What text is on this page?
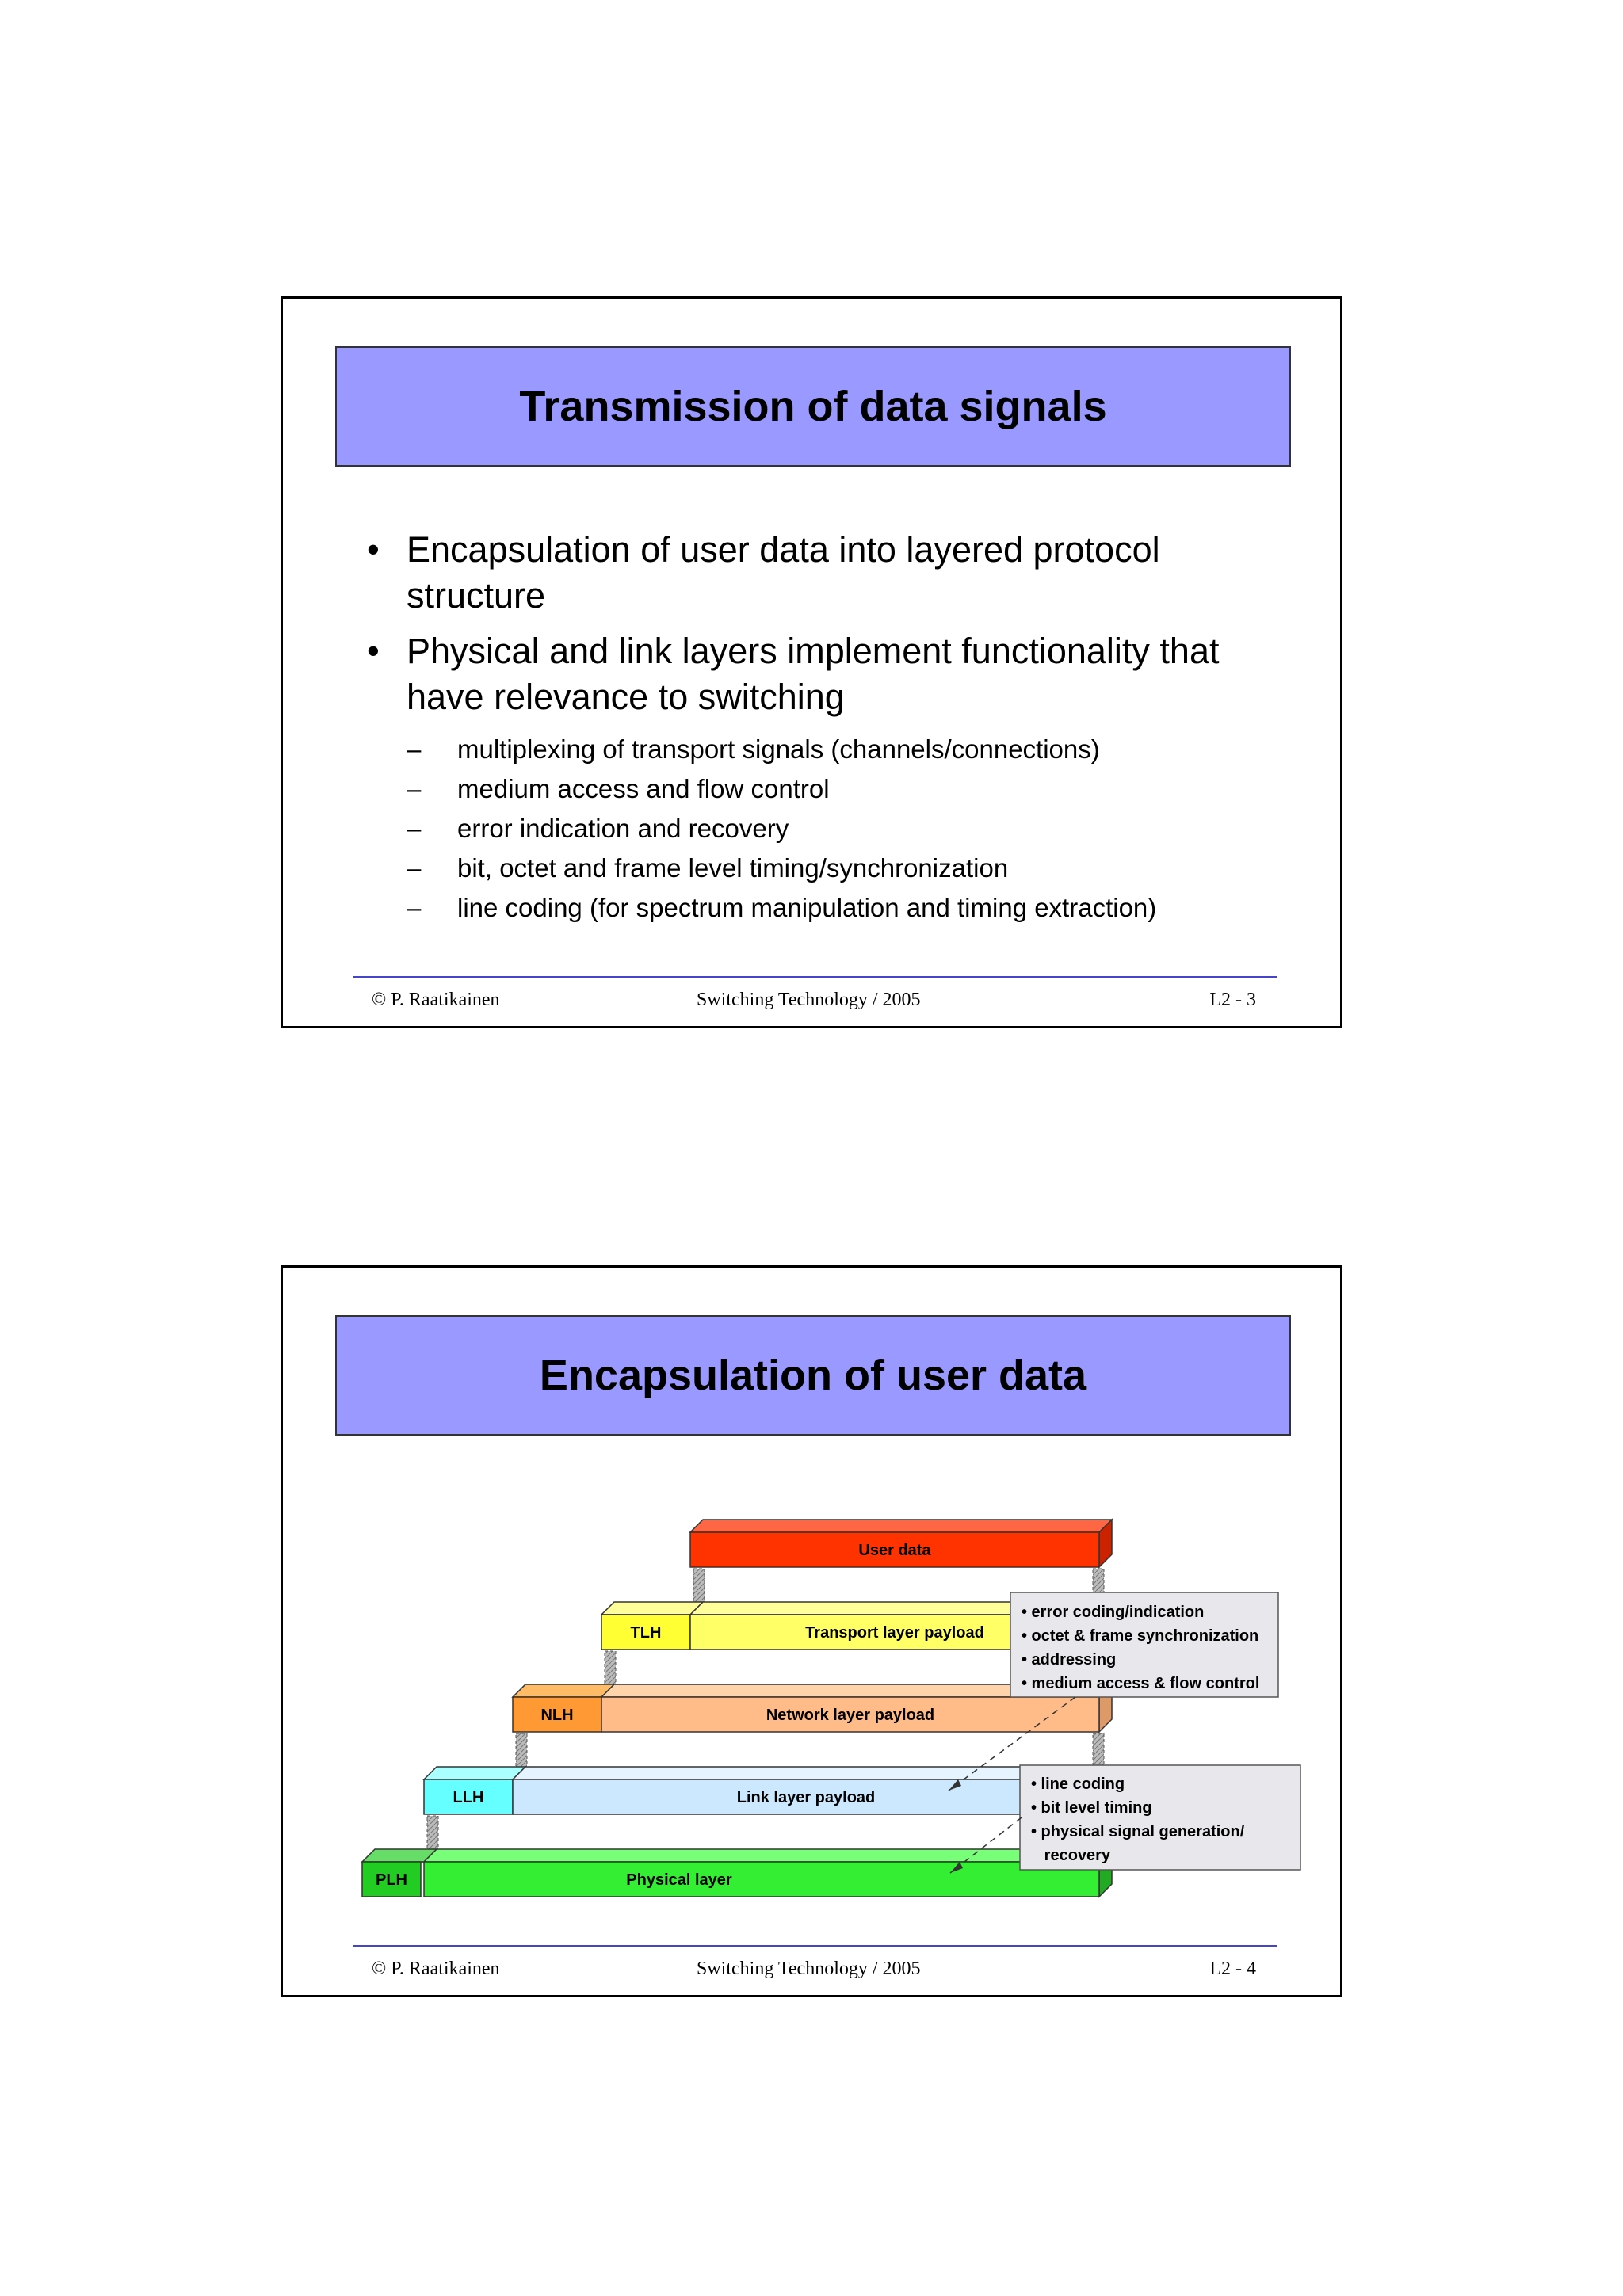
Transmission of data signals
• Encapsulation of user data into layered protocol
structure
• Physical and link layers implement functionality that
have relevance to switching
– multiplexing of transport signals (channels/connections)
– medium access and flow control
– error indication and recovery
– bit, octet and frame level timing/synchronization
– line coding (for spectrum manipulation and timing extraction)
© P. Raatikainen	Switching Technology / 2005	L2 - 3
Encapsulation of user data
User data
TLH	Transport layer payload
NLH	Network layer payload
LLH	Link layer payload
PLH	Physical layer
• error coding/indication
• octet & frame synchronization
• addressing
• medium access & flow control
• line coding
• bit level timing
• physical signal generation/
recovery
© P. Raatikainen	Switching Technology / 2005	L2 - 4
